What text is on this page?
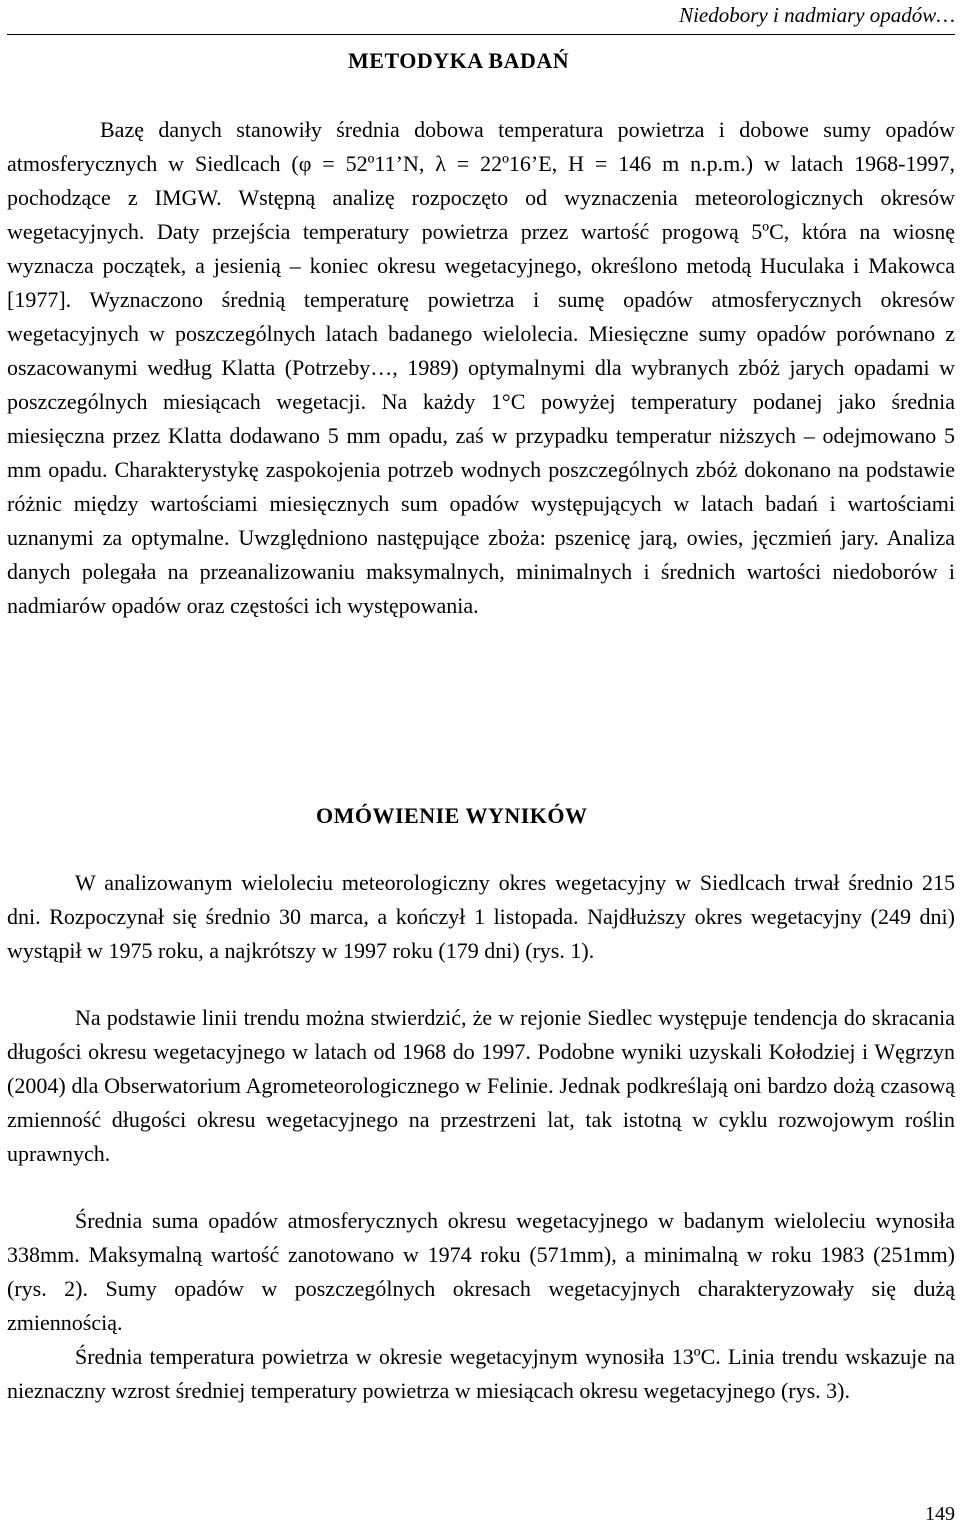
Niedobory i nadmiary opadów…
METODYKA BADAŃ

Bazę danych stanowiły średnia dobowa temperatura powietrza i dobowe sumy opadów atmosferycznych w Siedlcach (φ = 52º11’N, λ = 22º16’E, H = 146 m n.p.m.) w latach 1968-1997, pochodzące z IMGW. Wstępną analizę rozpoczęto od wyznaczenia meteorologicznych okresów wegetacyjnych. Daty przejścia temperatury powietrza przez wartość progową 5ºC, która na wiosnę wyznacza początek, a jesienią – koniec okresu wegetacyjnego, określono metodą Huculaka i Makowca [1977]. Wyznaczono średnią temperaturę powietrza i sumę opadów atmosferycznych okresów wegetacyjnych w poszczególnych latach badanego wielolecia. Miesięczne sumy opadów porównano z oszacowanymi według Klatta (Potrzeby…, 1989) optymalnymi dla wybranych zbóż jarych opadami w poszczególnych miesiącach wegetacji. Na każdy 1°C powyżej temperatury podanej jako średnia miesięczna przez Klatta dodawano 5 mm opadu, zaś w przypadku temperatur niższych – odejmowano 5 mm opadu. Charakterystykę zaspokojenia potrzeb wodnych poszczególnych zbóż dokonano na podstawie różnic między wartościami miesięcznych sum opadów występujących w latach badań i wartościami uznanymi za optymalne. Uwzględniono następujące zboża: pszenicę jarą, owies, jęczmień jary. Analiza danych polegała na przeanalizowaniu maksymalnych, minimalnych i średnich wartości niedoborów i nadmiarów opadów oraz częstości ich występowania.

OMÓWIENIE WYNIKÓW

W analizowanym wieloleciu meteorologiczny okres wegetacyjny w Siedlcach trwał średnio 215 dni. Rozpoczynał się średnio 30 marca, a kończył 1 listopada. Najdłuższy okres wegetacyjny (249 dni) wystąpił w 1975 roku, a najkrótszy w 1997 roku (179 dni) (rys. 1).

Na podstawie linii trendu można stwierdzić, że w rejonie Siedlec występuje tendencja do skracania długości okresu wegetacyjnego w latach od 1968 do 1997. Podobne wyniki uzyskali Kołodziej i Węgrzyn (2004) dla Obserwatorium Agrometeorologicznego w Felinie. Jednak podkreślają oni bardzo dożą czasową zmienność długości okresu wegetacyjnego na przestrzeni lat, tak istotną w cyklu rozwojowym roślin uprawnych.

Średnia suma opadów atmosferycznych okresu wegetacyjnego w badanym wieloleciu wynosiła 338mm. Maksymalną wartość zanotowano w 1974 roku (571mm), a minimalną w roku 1983 (251mm) (rys. 2). Sumy opadów w poszczególnych okresach wegetacyjnych charakteryzowały się dużą zmiennością.

Średnia temperatura powietrza w okresie wegetacyjnym wynosiła 13ºC. Linia trendu wskazuje na nieznaczny wzrost średniej temperatury powietrza w miesiącach okresu wegetacyjnego (rys. 3).

149
